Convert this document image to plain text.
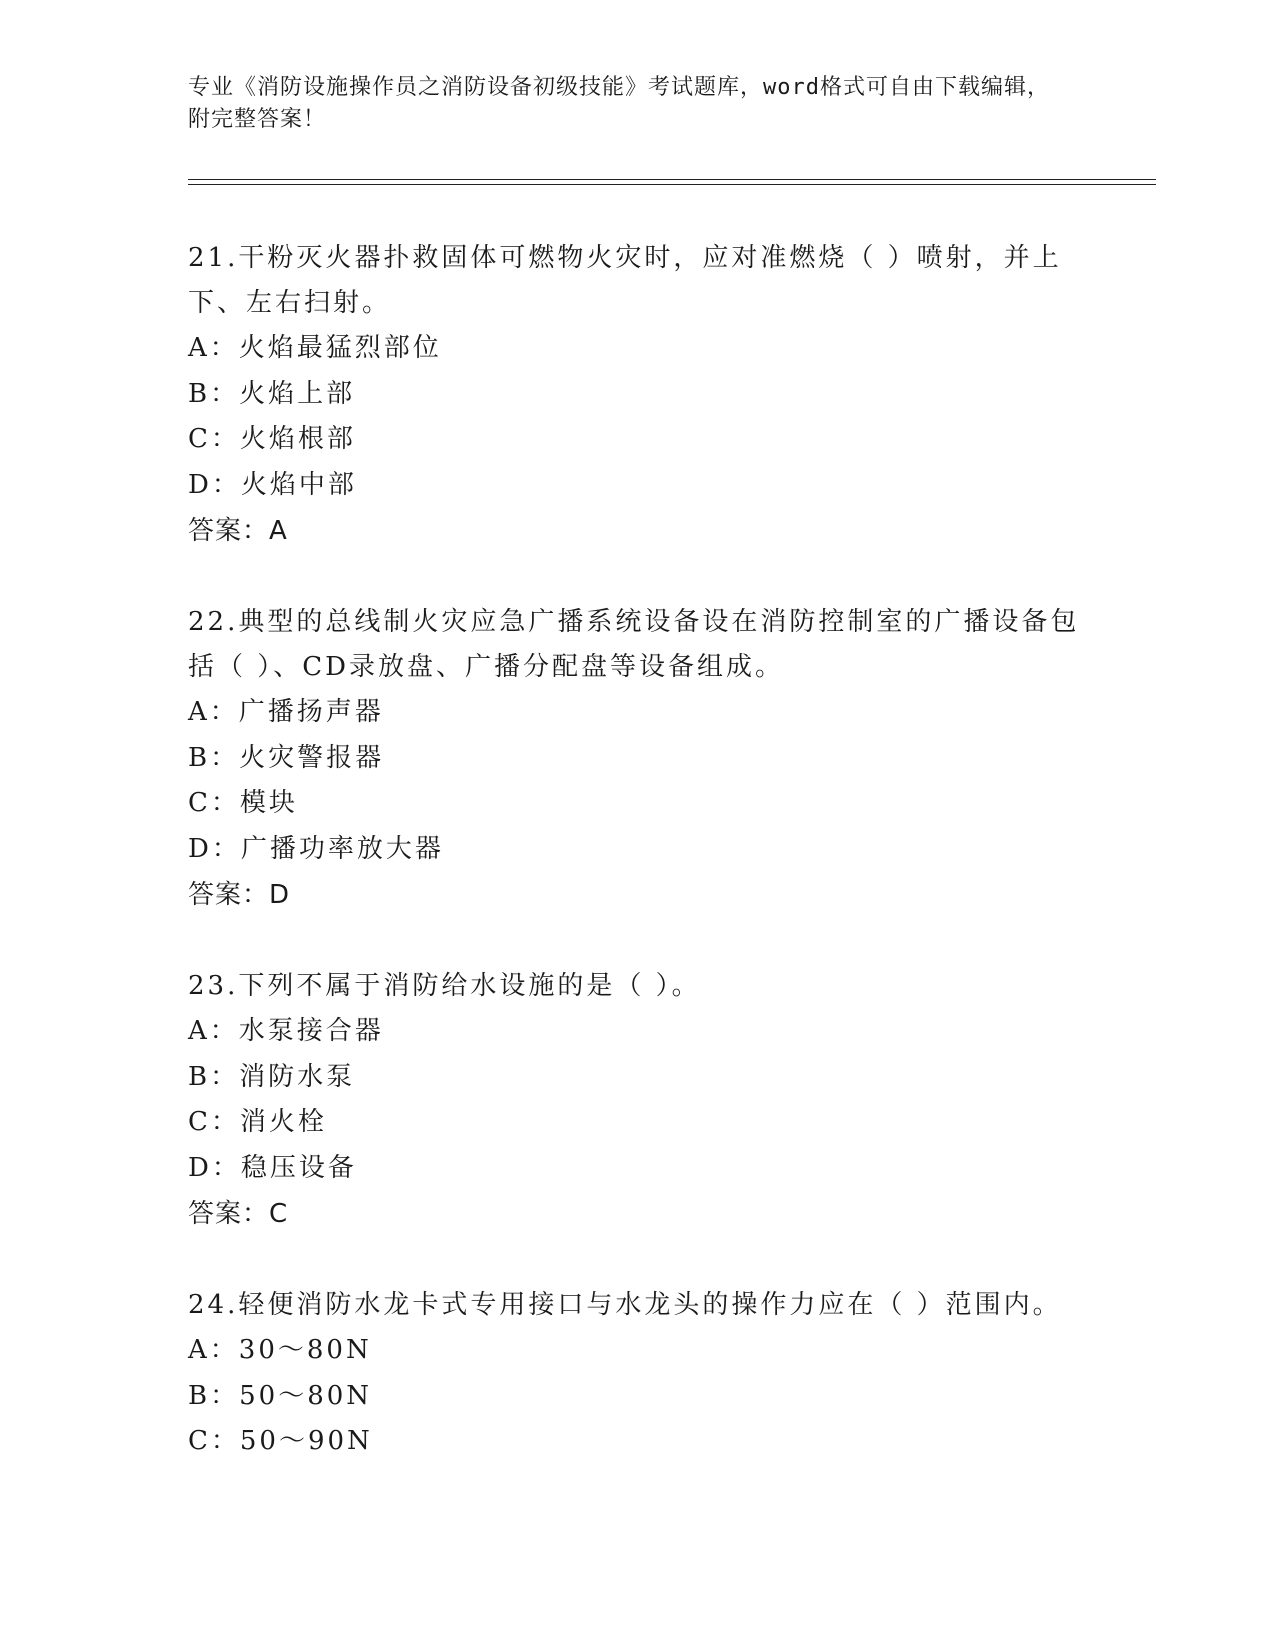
专业《消防设施操作员之消防设备初级技能》考试题库，word格式可自由下载编辑，附完整答案！

21.干粉灭火器扑救固体可燃物火灾时，应对准燃烧（ ）喷射，并上下、左右扫射。

A：火焰最猛烈部位

B：火焰上部

C：火焰根部

D：火焰中部

答案：A

22.典型的总线制火灾应急广播系统设备设在消防控制室的广播设备包括（ ）、CD录放盘、广播分配盘等设备组成。

A：广播扬声器

B：火灾警报器

C：模块

D：广播功率放大器

答案：D

23.下列不属于消防给水设施的是（ ）。

A：水泵接合器

B：消防水泵

C：消火栓

D：稳压设备

答案：C

24.轻便消防水龙卡式专用接口与水龙头的操作力应在（ ）范围内。

A：30～80N

B：50～80N

C：50～90N
